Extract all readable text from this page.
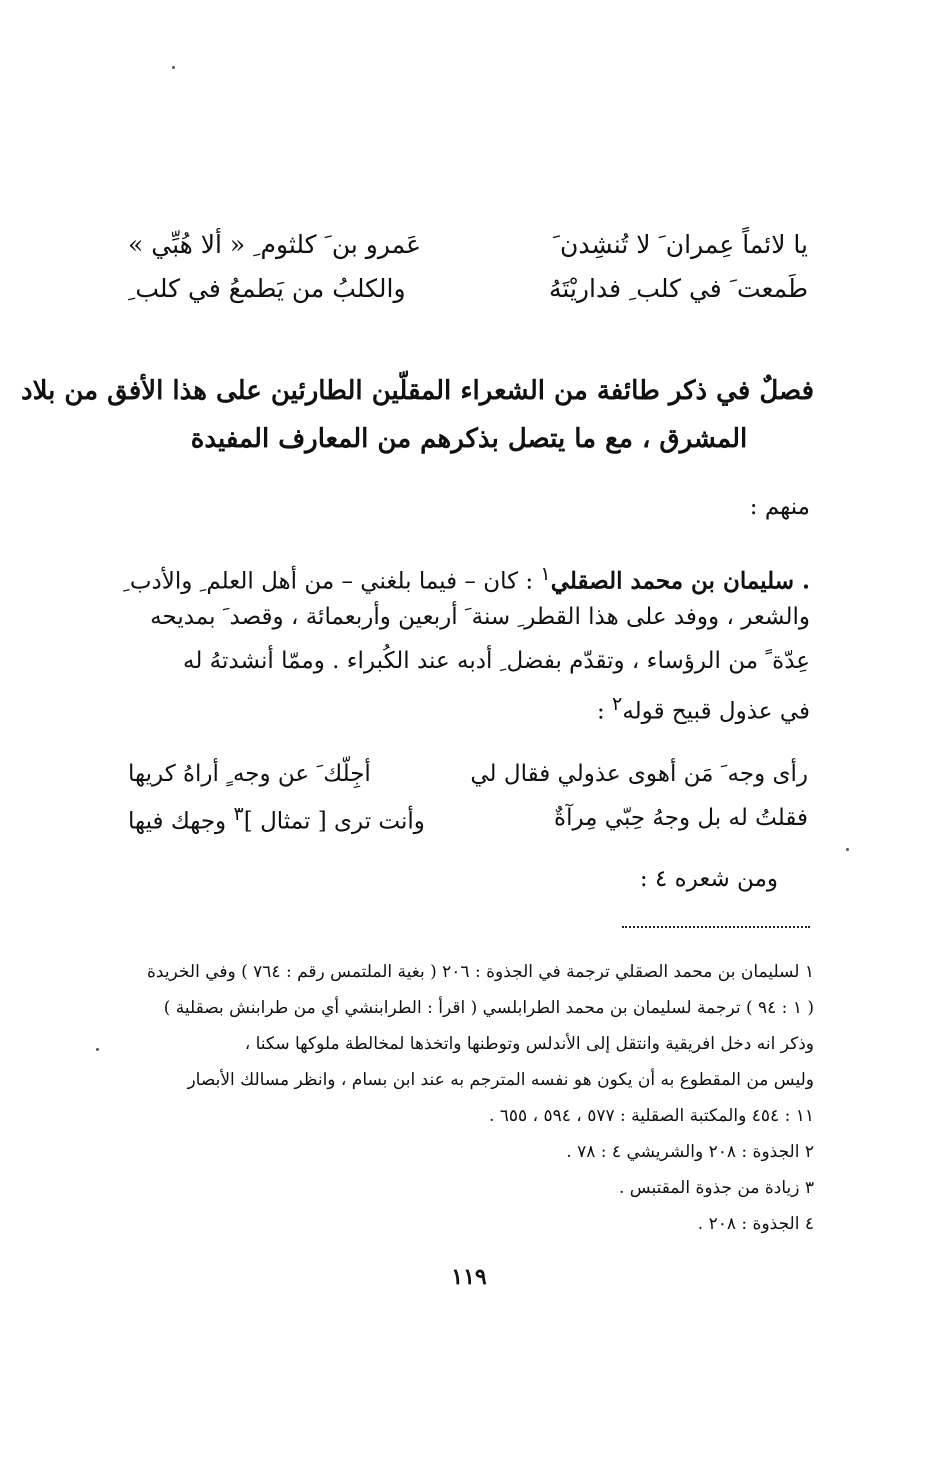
يا لائماً عِمران َ لا تُنشِدن َ
عَمرو بن َ كلثوم ِ « ألا هُبِّي »
طَمعت َ في كلب ِ فداريْتَهُ
والكلبُ من يَطمعُ في كلب ِ
فصلٌ في ذكر طائفة من الشعراء المقلّين الطارئين على هذا الأفق من بلاد
المشرق ، مع ما يتصل بذكرهم من المعارف المفيدة
منهم :
. سليمان بن محمد الصقلي$^١$ : كان – فيما بلغني – من أهل العلم ِ والأدب ِ
والشعر ، ووفد على هذا القطر ِ سنة َ أربعين وأربعمائة ، وقصد َ بمديحه
عِدّة ً من الرؤساء ، وتقدّم بفضل ِ أدبه عند الكُبراء . وممّا أنشدتهُ له
في عذول قبيح قوله$^٢$ :
رأى وجه َ مَن أهوى عذولي فقال لي
أجِلّك َ عن وجه ٍ أراهُ كريها
فقلتُ له بل وجهُ حِبّي مِرآةٌ
وأنت ترى [ تمثال ]$^٣$ وجهك فيها
ومن شعره ٤ :
١ لسليمان بن محمد الصقلي ترجمة في الجذوة : ٢٠٦ ( بغية الملتمس رقم : ٧٦٤ ) وفي الخريدة
( ١ : ٩٤ ) ترجمة لسليمان بن محمد الطرابلسي ( اقرأ : الطرابنشي أي من طرابنش بصقلية )
وذكر انه دخل افريقية وانتقل إلى الأندلس وتوطنها واتخذها لمخالطة ملوكها سكنا ،
وليس من المقطوع به أن يكون هو نفسه المترجم به عند ابن بسام ، وانظر مسالك الأبصار
١١ : ٤٥٤ والمكتبة الصقلية : ٥٧٧ ، ٥٩٤ ، ٦٥٥ .
٢ الجذوة : ٢٠٨ والشريشي ٤ : ٧٨ .
٣ زيادة من جذوة المقتبس .
٤ الجذوة : ٢٠٨ .
١١٩
